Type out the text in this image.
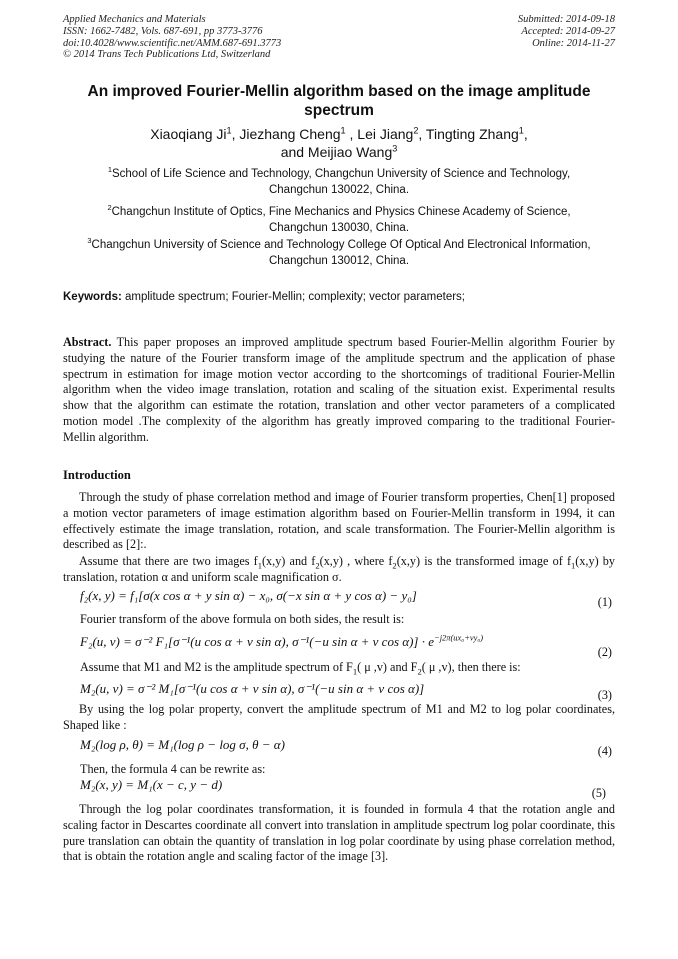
Applied Mechanics and Materials
ISSN: 1662-7482, Vols. 687-691, pp 3773-3776
doi:10.4028/www.scientific.net/AMM.687-691.3773
© 2014 Trans Tech Publications Ltd, Switzerland
Submitted: 2014-09-18
Accepted: 2014-09-27
Online: 2014-11-27
An improved Fourier-Mellin algorithm based on the image amplitude spectrum
Xiaoqiang Ji$^1$, Jiezhang Cheng$^1$ , Lei Jiang$^2$, Tingting Zhang$^1$,
and Meijiao Wang$^3$
$^1$School of Life Science and Technology, Changchun University of Science and Technology,
Changchun 130022, China.
$^2$Changchun Institute of Optics, Fine Mechanics and Physics Chinese Academy of Science,
Changchun 130030, China.
$^3$Changchun University of Science and Technology College Of Optical And Electronical Information,
Changchun 130012, China.
Keywords: amplitude spectrum; Fourier-Mellin; complexity; vector parameters;
Abstract. This paper proposes an improved amplitude spectrum based Fourier-Mellin algorithm Fourier by studying the nature of the Fourier transform image of the amplitude spectrum and the application of phase spectrum in estimation for image motion vector according to the shortcomings of traditional Fourier-Mellin algorithm when the video image translation, rotation and scaling of the situation exist. Experimental results show that the algorithm can estimate the rotation, translation and other vector parameters of a complicated motion model .The complexity of the algorithm has greatly improved comparing to the traditional Fourier-Mellin algorithm.
Introduction
Through the study of phase correlation method and image of Fourier transform properties, Chen[1] proposed a motion vector parameters of image estimation algorithm based on Fourier-Mellin transform in 1994, it can effectively estimate the image translation, rotation, and scale transformation. The Fourier-Mellin algorithm is described as [2]:.
Assume that there are two images $f_1(x,y)$ and $f_2(x,y)$ , where $f_2(x,y)$ is the transformed image of $f_1(x,y)$ by translation, rotation α and uniform scale magnification σ.
f₂(x, y) = f₁[σ(x cos α + y sin α) − x₀, σ(−x sin α + y cos α) − y₀]	(1)
Fourier transform of the above formula on both sides, the result is:
F₂(u, v) = σ⁻² F₁[σ⁻¹(u cos α + v sin α), σ⁻¹(−u sin α + v $\cos \alpha)] \cdot e^{-j2\pi(ux_0+vy_0)}$
(2)
Assume that M1 and M2 is the amplitude spectrum of $F_1$( μ ,v) and $F_2$( μ ,v), then there is:
M₂(u, v) = σ⁻² M₁[σ⁻¹(u cos α + v sin α), σ⁻¹(−u sin α + v cos α)]	(3)
By using the log polar property, convert the amplitude spectrum of M1 and M2 to log polar coordinates, Shaped like :
M₂(log ρ, θ) = M₁(log ρ − log σ, θ − α)	(4)
Then, the formula 4 can be rewrite as:
M₂(x, y) = M₁(x − c, y − d)
(5)
Through the log polar coordinates transformation, it is founded in formula 4 that the rotation angle and scaling factor in Descartes coordinate all convert into translation in amplitude spectrum log polar coordinate, this pure translation can obtain the quantity of translation in log polar coordinate by using phase correlation method, that is obtain the rotation angle and scaling factor of the image [3].
